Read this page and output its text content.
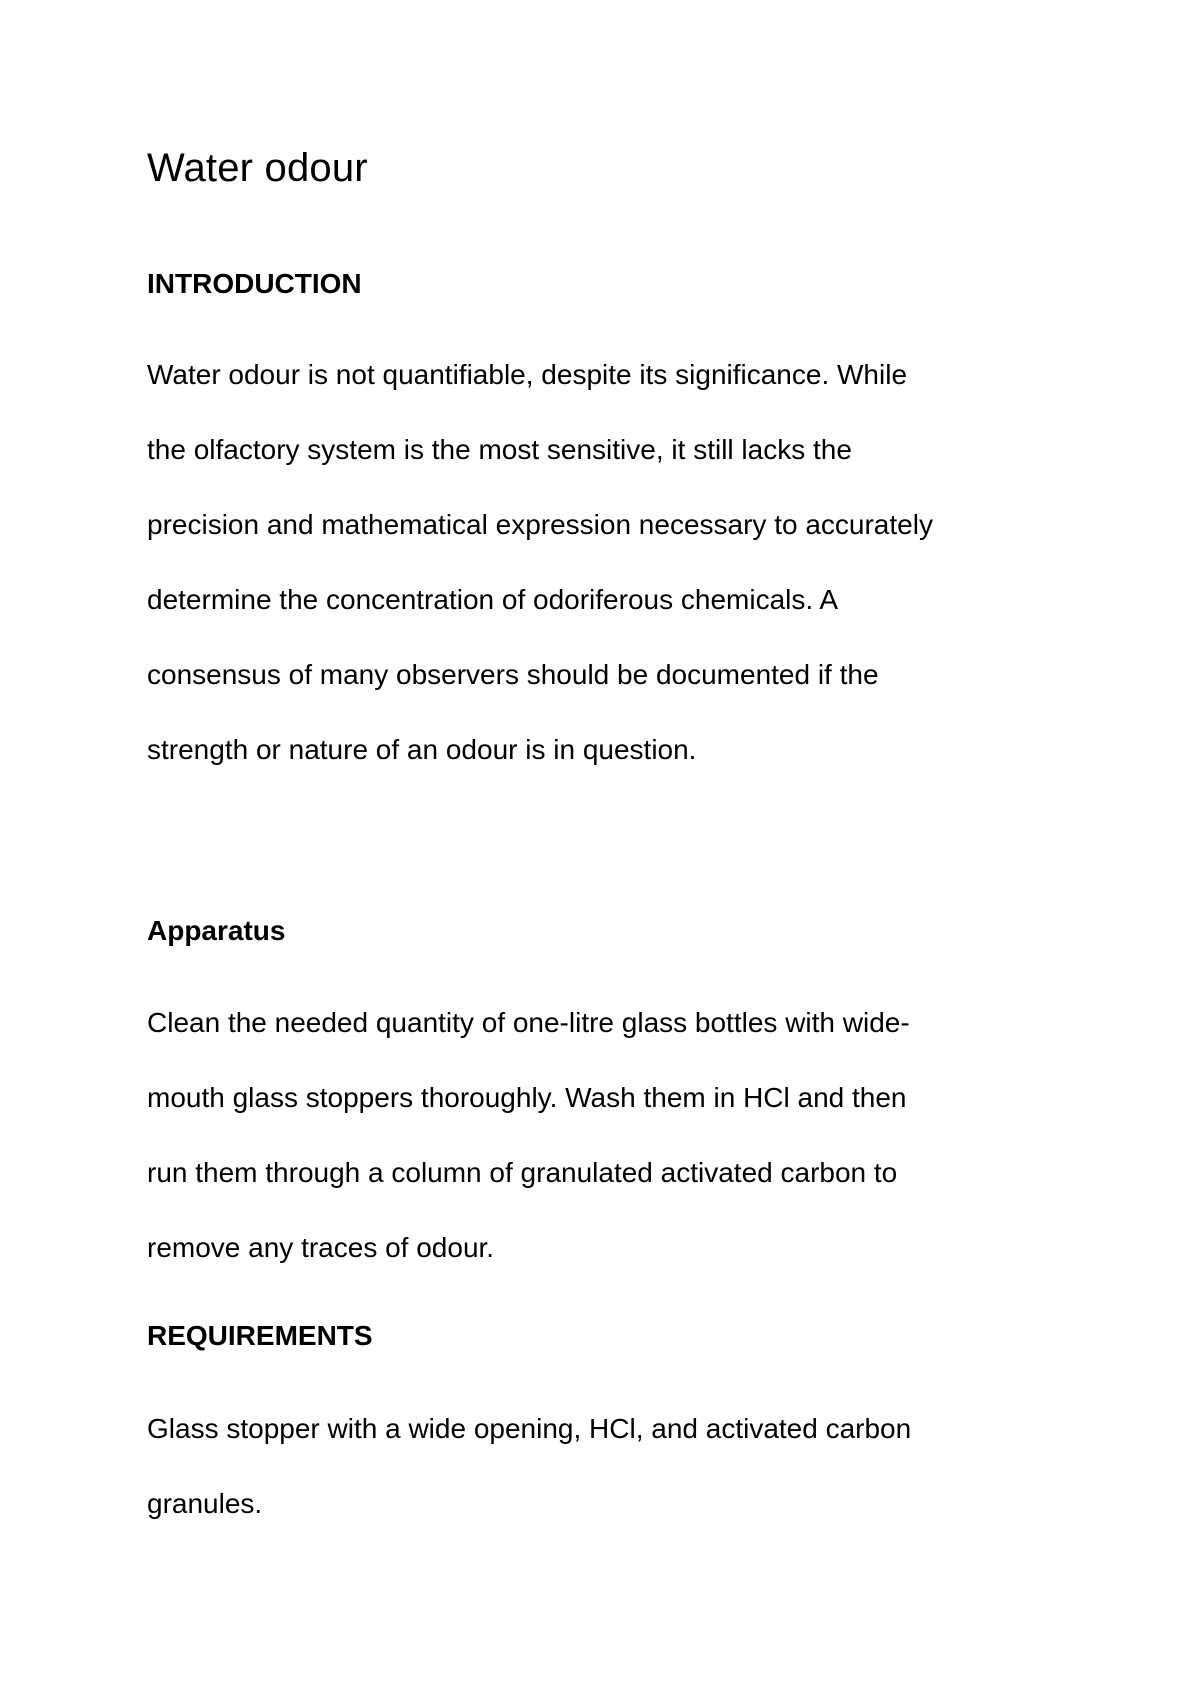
Water odour
INTRODUCTION

Water odour is not quantifiable, despite its significance. While
the olfactory system is the most sensitive, it still lacks the
precision and mathematical expression necessary to accurately
determine the concentration of odoriferous chemicals. A
consensus of many observers should be documented if the
strength or nature of an odour is in question.

Apparatus

Clean the needed quantity of one-litre glass bottles with wide-
mouth glass stoppers thoroughly. Wash them in HCl and then
run them through a column of granulated activated carbon to
remove any traces of odour.

REQUIREMENTS

Glass stopper with a wide opening, HCl, and activated carbon
granules.
